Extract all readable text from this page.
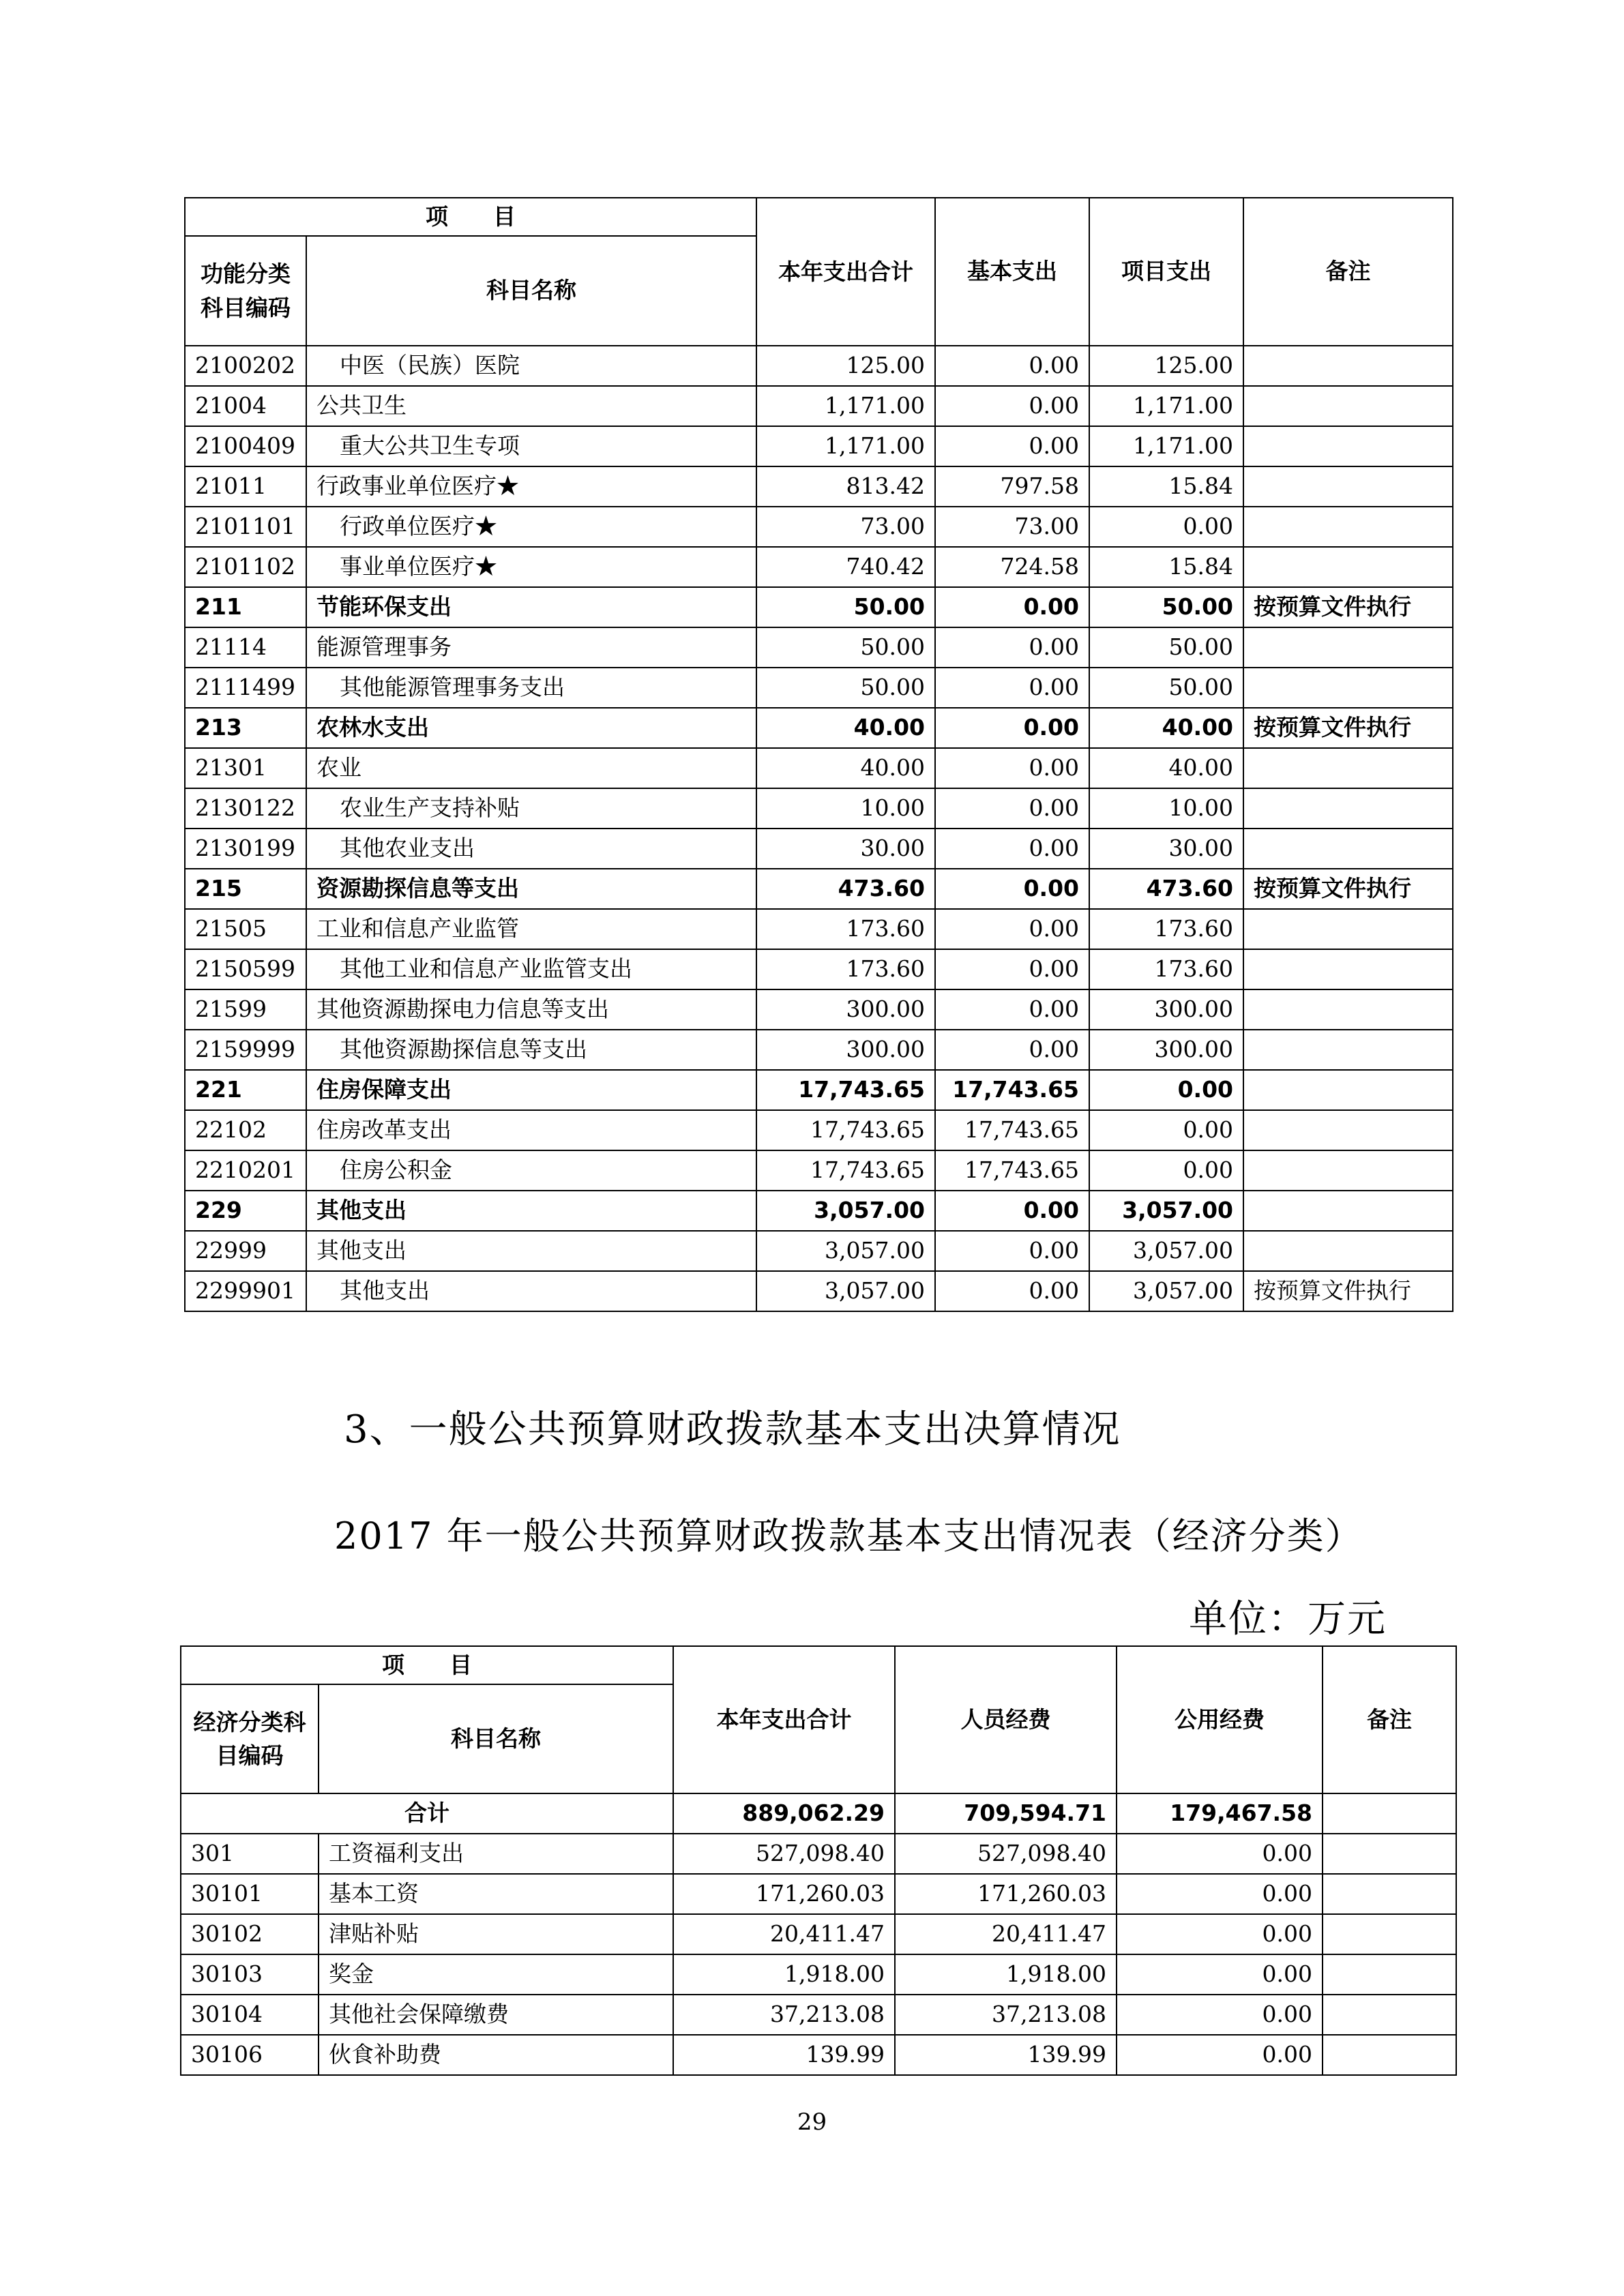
项　　目		本年支出合计	基本支出	项目支出	备注
功能分类科目编码	科目名称				
2100202	中医（民族）医院	125.00	0.00	125.00	
21004	公共卫生	1,171.00	0.00	1,171.00	
2100409	重大公共卫生专项	1,171.00	0.00	1,171.00	
21011	行政事业单位医疗★	813.42	797.58	15.84	
2101101	行政单位医疗★	73.00	73.00	0.00	
2101102	事业单位医疗★	740.42	724.58	15.84	
211	节能环保支出	50.00	0.00	50.00	按预算文件执行
21114	能源管理事务	50.00	0.00	50.00	
2111499	其他能源管理事务支出	50.00	0.00	50.00	
213	农林水支出	40.00	0.00	40.00	按预算文件执行
21301	农业	40.00	0.00	40.00	
2130122	农业生产支持补贴	10.00	0.00	10.00	
2130199	其他农业支出	30.00	0.00	30.00	
215	资源勘探信息等支出	473.60	0.00	473.60	按预算文件执行
21505	工业和信息产业监管	173.60	0.00	173.60	
2150599	其他工业和信息产业监管支出	173.60	0.00	173.60	
21599	其他资源勘探电力信息等支出	300.00	0.00	300.00	
2159999	其他资源勘探信息等支出	300.00	0.00	300.00	
221	住房保障支出	17,743.65	17,743.65	0.00	
22102	住房改革支出	17,743.65	17,743.65	0.00	
2210201	住房公积金	17,743.65	17,743.65	0.00	
229	其他支出	3,057.00	0.00	3,057.00	
22999	其他支出	3,057.00	0.00	3,057.00	
2299901	其他支出	3,057.00	0.00	3,057.00	按预算文件执行
3、一般公共预算财政拨款基本支出决算情况
2017 年一般公共预算财政拨款基本支出情况表（经济分类）
单位：万元
项　　目		本年支出合计	人员经费	公用经费	备注
经济分类科目编码	科目名称				
合计		889,062.29	709,594.71	179,467.58	
301	工资福利支出	527,098.40	527,098.40	0.00	
30101	基本工资	171,260.03	171,260.03	0.00	
30102	津贴补贴	20,411.47	20,411.47	0.00	
30103	奖金	1,918.00	1,918.00	0.00	
30104	其他社会保障缴费	37,213.08	37,213.08	0.00	
30106	伙食补助费	139.99	139.99	0.00	
29
